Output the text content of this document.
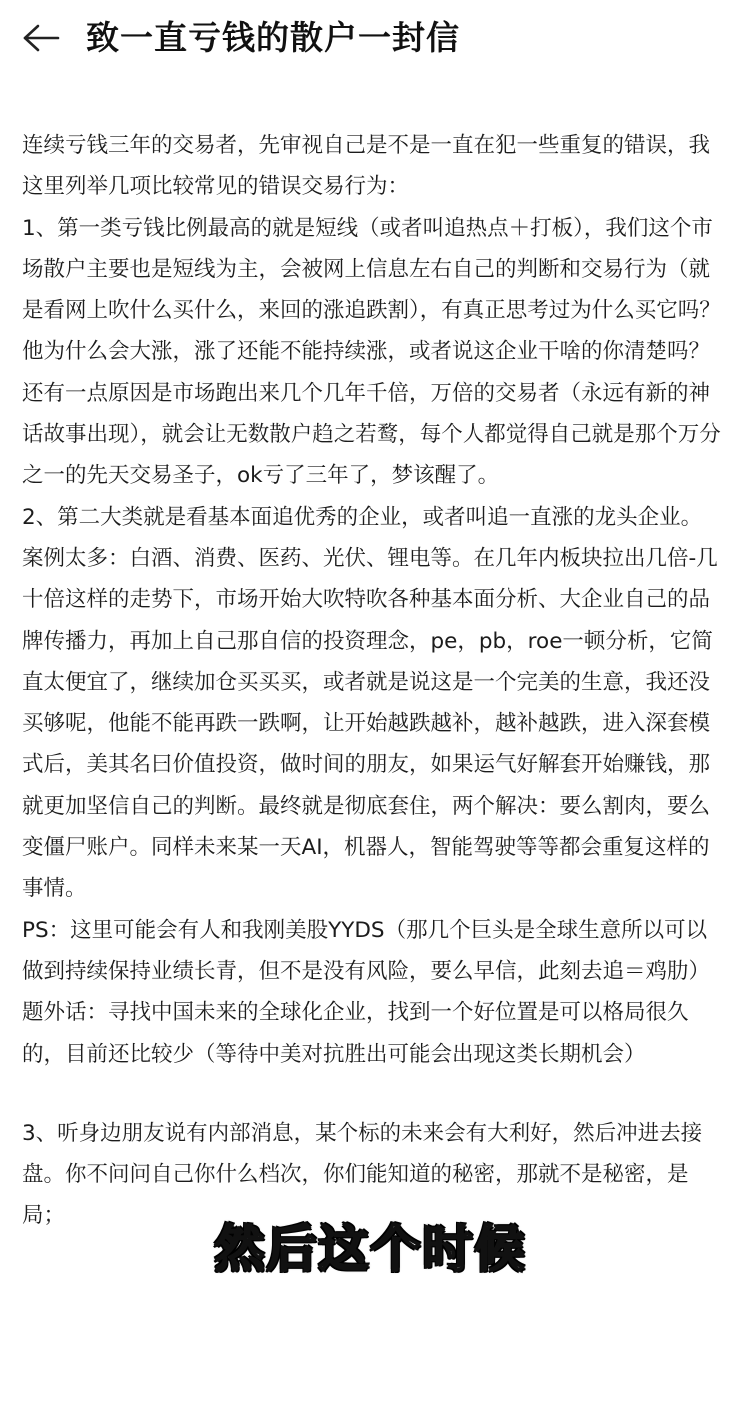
致一直亏钱的散户一封信

连续亏钱三年的交易者，先审视自己是不是一直在犯一些重复的错误，我这里列举几项比较常见的错误交易行为：

1、第一类亏钱比例最高的就是短线（或者叫追热点＋打板），我们这个市场散户主要也是短线为主，会被网上信息左右自己的判断和交易行为（就是看网上吹什么买什么，来回的涨追跌割），有真正思考过为什么买它吗？ 他为什么会大涨，涨了还能不能持续涨，或者说这企业干啥的你清楚吗？还有一点原因是市场跑出来几个几年千倍，万倍的交易者（永远有新的神话故事出现），就会让无数散户趋之若鹜，每个人都觉得自己就是那个万分之一的先天交易圣子，ok亏了三年了，梦该醒了。

2、第二大类就是看基本面追优秀的企业，或者叫追一直涨的龙头企业。案例太多：白酒、消费、医药、光伏、锂电等。在几年内板块拉出几倍-几十倍这样的走势下，市场开始大吹特吹各种基本面分析、大企业自己的品牌传播力，再加上自己那自信的投资理念，pe，pb，roe一顿分析，它简直太便宜了，继续加仓买买买，或者就是说这是一个完美的生意，我还没买够呢，他能不能再跌一跌啊，让开始越跌越补，越补越跌，进入深套模式后，美其名曰价值投资，做时间的朋友，如果运气好解套开始赚钱，那就更加坚信自己的判断。最终就是彻底套住，两个解决：要么割肉，要么变僵尸账户。同样未来某一天AI，机器人，智能驾驶等等都会重复这样的事情。

PS：这里可能会有人和我刚美股YYDS（那几个巨头是全球生意所以可以做到持续保持业绩长青，但不是没有风险，要么早信，此刻去追＝鸡肋）题外话：寻找中国未来的全球化企业，找到一个好位置是可以格局很久的，目前还比较少（等待中美对抗胜出可能会出现这类长期机会）

3、听身边朋友说有内部消息，某个标的未来会有大利好，然后冲进去接盘。你不问问自己你什么档次，你们能知道的秘密，那就不是秘密，是局；

然后这个时候
